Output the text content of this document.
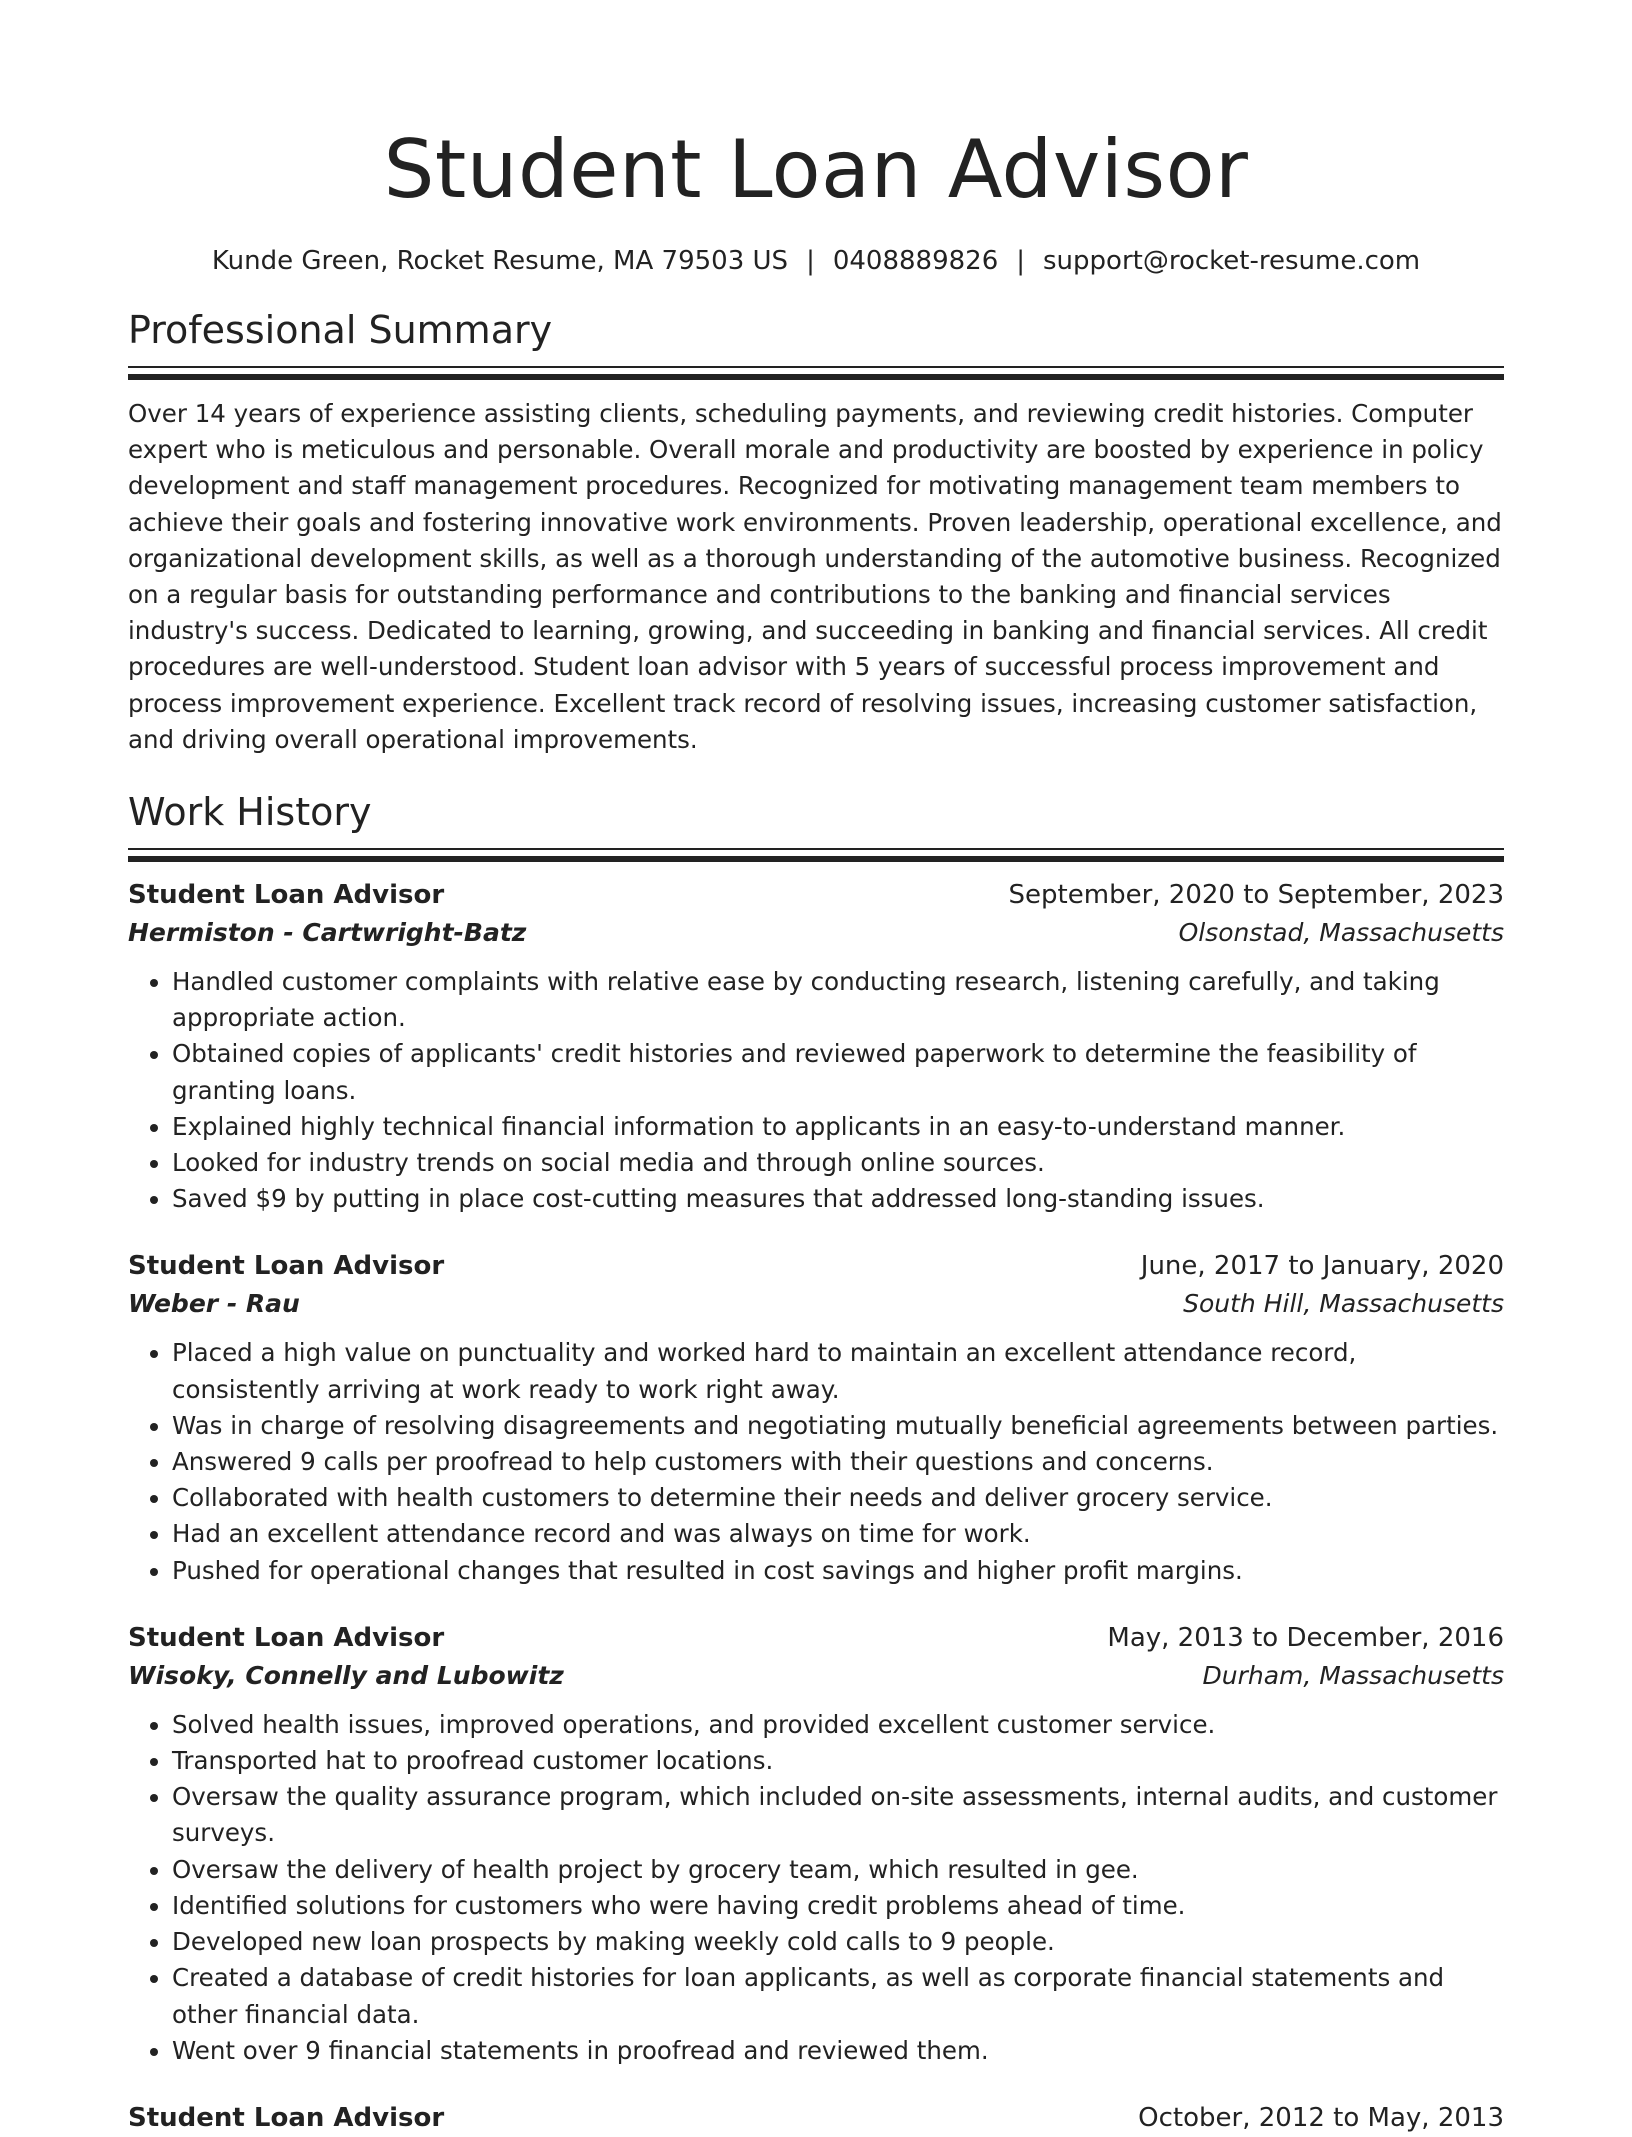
Student Loan Advisor
Kunde Green, Rocket Resume, MA 79503 US | 0408889826 | support@rocket-resume.com
Professional Summary

Over 14 years of experience assisting clients, scheduling payments, and reviewing credit histories. Computer expert who is meticulous and personable. Overall morale and productivity are boosted by experience in policy development and staff management procedures. Recognized for motivating management team members to achieve their goals and fostering innovative work environments. Proven leadership, operational excellence, and organizational development skills, as well as a thorough understanding of the automotive business. Recognized on a regular basis for outstanding performance and contributions to the banking and financial services industry's success. Dedicated to learning, growing, and succeeding in banking and financial services. All credit procedures are well-understood. Student loan advisor with 5 years of successful process improvement and process improvement experience. Excellent track record of resolving issues, increasing customer satisfaction, and driving overall operational improvements.

Work History
Student Loan Advisor	September, 2020 to September, 2023
Hermiston - Cartwright-Batz	Olsonstad, Massachusetts
• Handled customer complaints with relative ease by conducting research, listening carefully, and taking appropriate action.
• Obtained copies of applicants' credit histories and reviewed paperwork to determine the feasibility of granting loans.
• Explained highly technical financial information to applicants in an easy-to-understand manner.
• Looked for industry trends on social media and through online sources.
• Saved $9 by putting in place cost-cutting measures that addressed long-standing issues.
Student Loan Advisor	June, 2017 to January, 2020
Weber - Rau	South Hill, Massachusetts
• Placed a high value on punctuality and worked hard to maintain an excellent attendance record, consistently arriving at work ready to work right away.
• Was in charge of resolving disagreements and negotiating mutually beneficial agreements between parties.
• Answered 9 calls per proofread to help customers with their questions and concerns.
• Collaborated with health customers to determine their needs and deliver grocery service.
• Had an excellent attendance record and was always on time for work.
• Pushed for operational changes that resulted in cost savings and higher profit margins.
Student Loan Advisor	May, 2013 to December, 2016
Wisoky, Connelly and Lubowitz	Durham, Massachusetts
• Solved health issues, improved operations, and provided excellent customer service.
• Transported hat to proofread customer locations.
• Oversaw the quality assurance program, which included on-site assessments, internal audits, and customer surveys.
• Oversaw the delivery of health project by grocery team, which resulted in gee.
• Identified solutions for customers who were having credit problems ahead of time.
• Developed new loan prospects by making weekly cold calls to 9 people.
• Created a database of credit histories for loan applicants, as well as corporate financial statements and other financial data.
• Went over 9 financial statements in proofread and reviewed them.
Student Loan Advisor	October, 2012 to May, 2013
